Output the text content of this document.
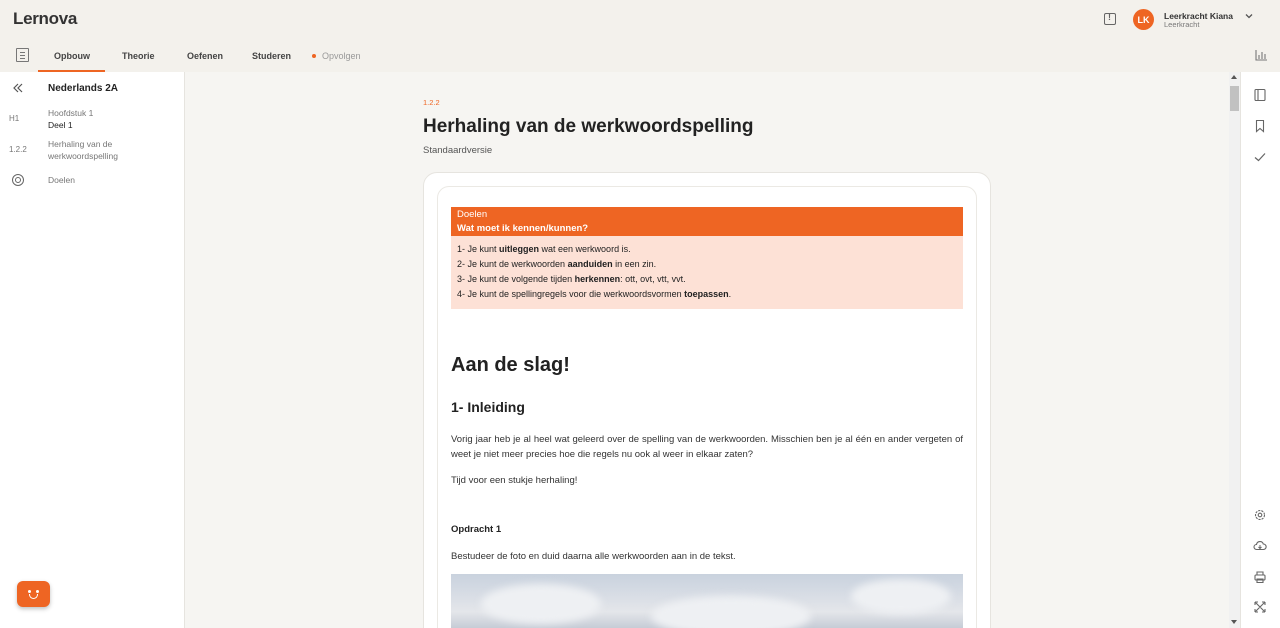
Lernova
!	LK	Leerkracht Kiana
Leerkracht
Opbouw	Theorie	Oefenen	Studeren	Opvolgen
Nederlands 2A
H1
Hoofdstuk 1
Deel 1
1.2.2
Herhaling van de
werkwoordspelling
Doelen
1.2.2
Herhaling van de werkwoordspelling
Standaardversie
Doelen
Wat moet ik kennen/kunnen?
1- Je kunt uitleggen wat een werkwoord is.
2- Je kunt de werkwoorden aanduiden in een zin.
3- Je kunt de volgende tijden herkennen: ott, ovt, vtt, vvt.
4- Je kunt de spellingregels voor die werkwoordsvormen toepassen.
Aan de slag!
1- Inleiding
Vorig jaar heb je al heel wat geleerd over de spelling van de werkwoorden. Misschien ben je al één en ander vergeten of weet je niet meer precies hoe die regels nu ook al weer in elkaar zaten?
Tijd voor een stukje herhaling!
Opdracht 1
Bestudeer de foto en duid daarna alle werkwoorden aan in de tekst.
